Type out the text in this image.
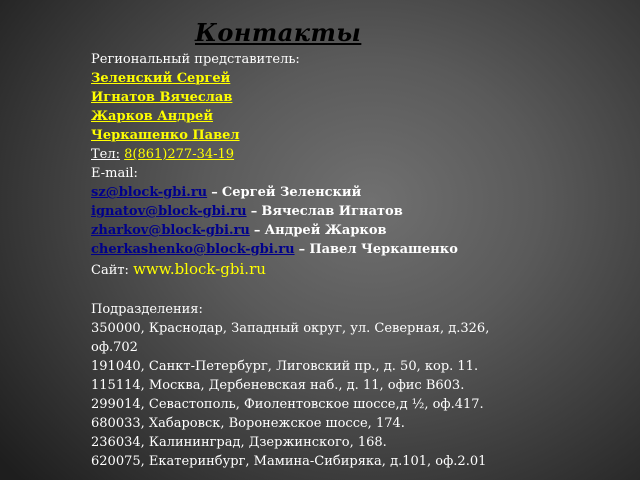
Контакты
Региональный представитель:
Зеленский Сергей
Игнатов Вячеслав
Жарков Андрей
Черкашенко Павел
Тел: 8(861)277-34-19
E-mail:
sz@block-gbi.ru – Сергей Зеленский
ignatov@block-gbi.ru – Вячеслав Игнатов
zharkov@block-gbi.ru – Андрей Жарков
cherkashenko@block-gbi.ru – Павел Черкашенко
Сайт: www.block-gbi.ru
Подразделения:
350000, Краснодар, Западный округ, ул. Северная, д.326,
оф.702
191040, Санкт-Петербург, Лиговский пр., д. 50, кор. 11.
115114, Москва, Дербеневская наб., д. 11, офис В603.
299014, Севастополь, Фиолентовское шоссе,д ½, оф.417.
680033, Хабаровск, Воронежское шоссе, 174.
236034, Калининград, Дзержинского, 168.
620075, Екатеринбург, Мамина-Сибиряка, д.101, оф.2.01
